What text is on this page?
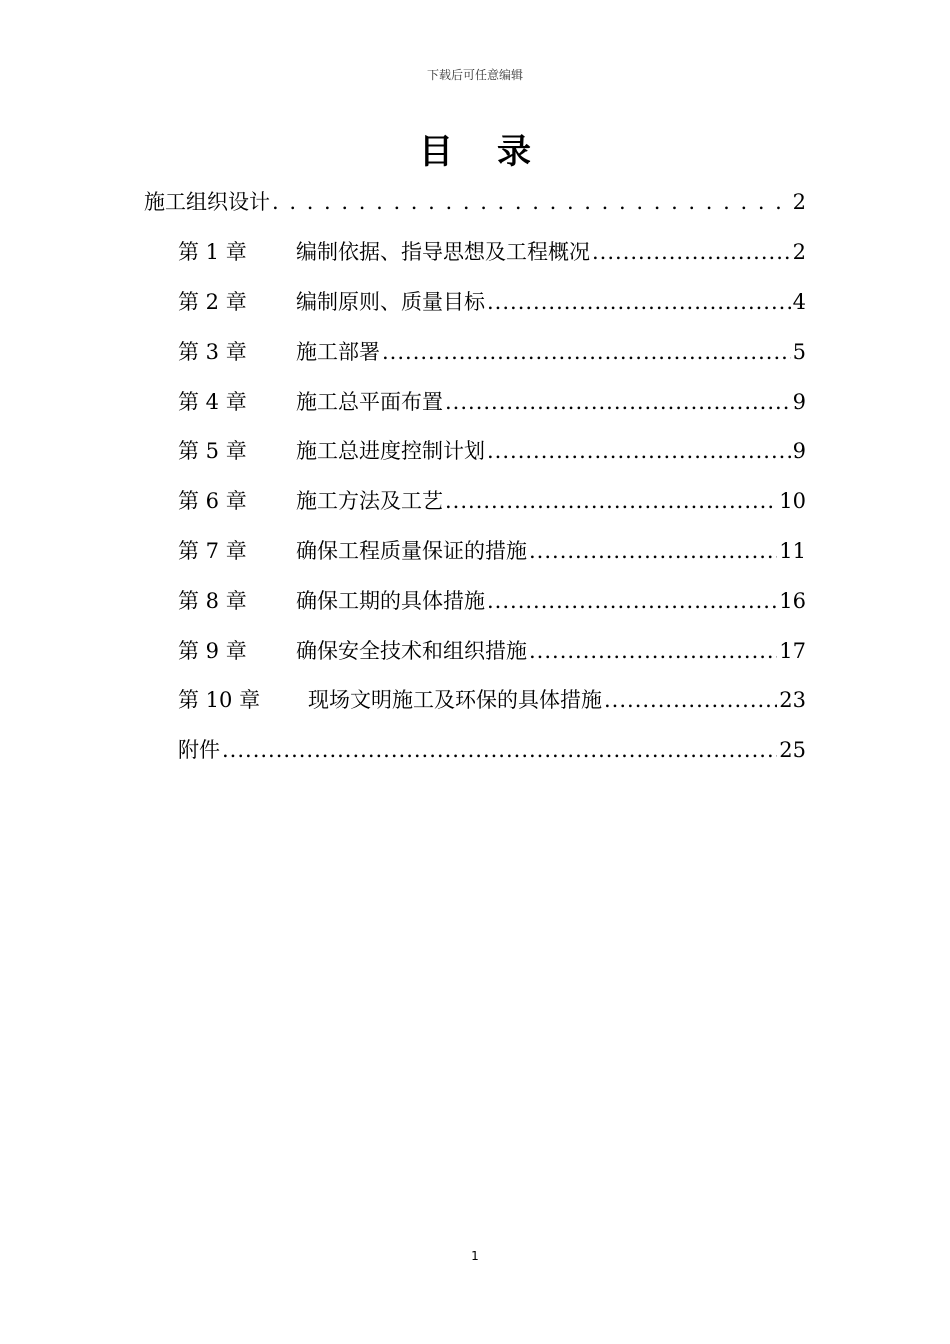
下载后可任意编辑
目录
施工组织设计 . . .	2
第 1 章	编制依据、指导思想及工程概况 .....	2
第 2 章	编制原则、质量目标 .....	4
第 3 章	施工部署 .....	5
第 4 章	施工总平面布置 .....	9
第 5 章	施工总进度控制计划 .....	9
第 6 章	施工方法及工艺 .....	10
第 7 章	确保工程质量保证的措施 .....	11
第 8 章	确保工期的具体措施 .....	16
第 9 章	确保安全技术和组织措施 .....	17
第 10 章	现场文明施工及环保的具体措施 .....	23
附件 .....	25
1
